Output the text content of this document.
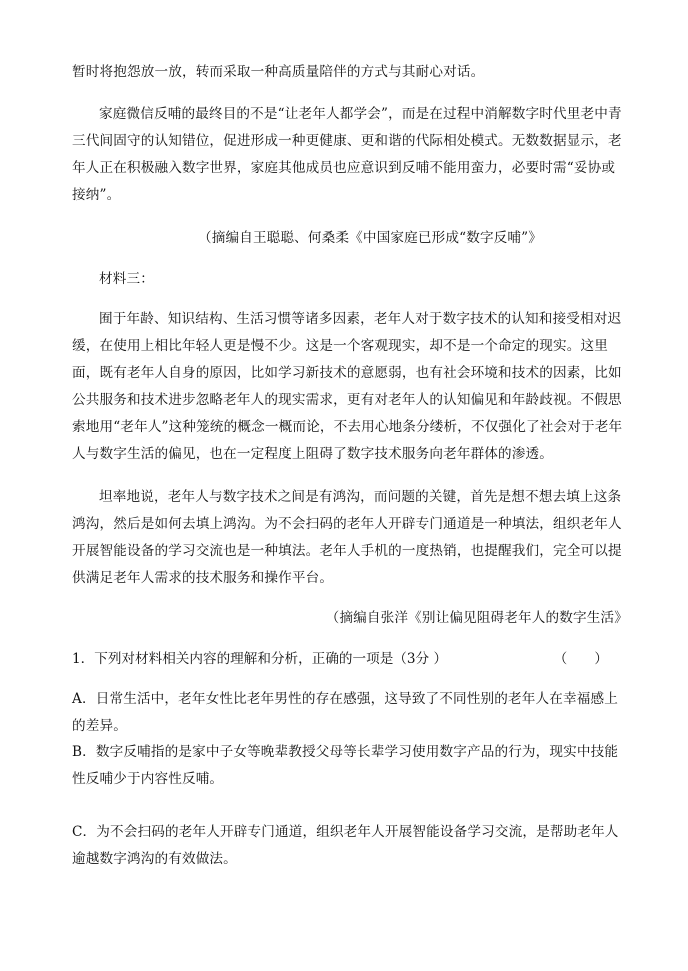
暂时将抱怨放一放，转而采取一种高质量陪伴的方式与其耐心对话。
家庭微信反哺的最终目的不是“让老年人都学会”，而是在过程中消解数字时代里老中青三代间固守的认知错位，促进形成一种更健康、更和谐的代际相处模式。无数数据显示，老年人正在积极融入数字世界，家庭其他成员也应意识到反哺不能用蛮力，必要时需“妥协或接纳”。
（摘编自王聪聪、何桑柔《中国家庭已形成“数字反哺”》
材料三：
囿于年龄、知识结构、生活习惯等诸多因素，老年人对于数字技术的认知和接受相对迟缓，在使用上相比年轻人更是慢不少。这是一个客观现实，却不是一个命定的现实。这里面，既有老年人自身的原因，比如学习新技术的意愿弱，也有社会环境和技术的因素，比如公共服务和技术进步忽略老年人的现实需求，更有对老年人的认知偏见和年龄歧视。不假思索地用“老年人”这种笼统的概念一概而论，不去用心地条分缕析，不仅强化了社会对于老年人与数字生活的偏见，也在一定程度上阻碍了数字技术服务向老年群体的渗透。
坦率地说，老年人与数字技术之间是有鸿沟，而问题的关键，首先是想不想去填上这条鸿沟，然后是如何去填上鸿沟。为不会扫码的老年人开辟专门通道是一种填法，组织老年人开展智能设备的学习交流也是一种填法。老年人手机的一度热销，也提醒我们，完全可以提供满足老年人需求的技术服务和操作平台。
（摘编自张洋《别让偏见阻碍老年人的数字生活》
1．下列对材料相关内容的理解和分析，正确的一项是（3分 ）	（　　）
A．日常生活中，老年女性比老年男性的存在感强，这导致了不同性别的老年人在幸福感上的差异。
B．数字反哺指的是家中子女等晚辈教授父母等长辈学习使用数字产品的行为，现实中技能性反哺少于内容性反哺。
C．为不会扫码的老年人开辟专门通道，组织老年人开展智能设备学习交流，是帮助老年人逾越数字鸿沟的有效做法。
